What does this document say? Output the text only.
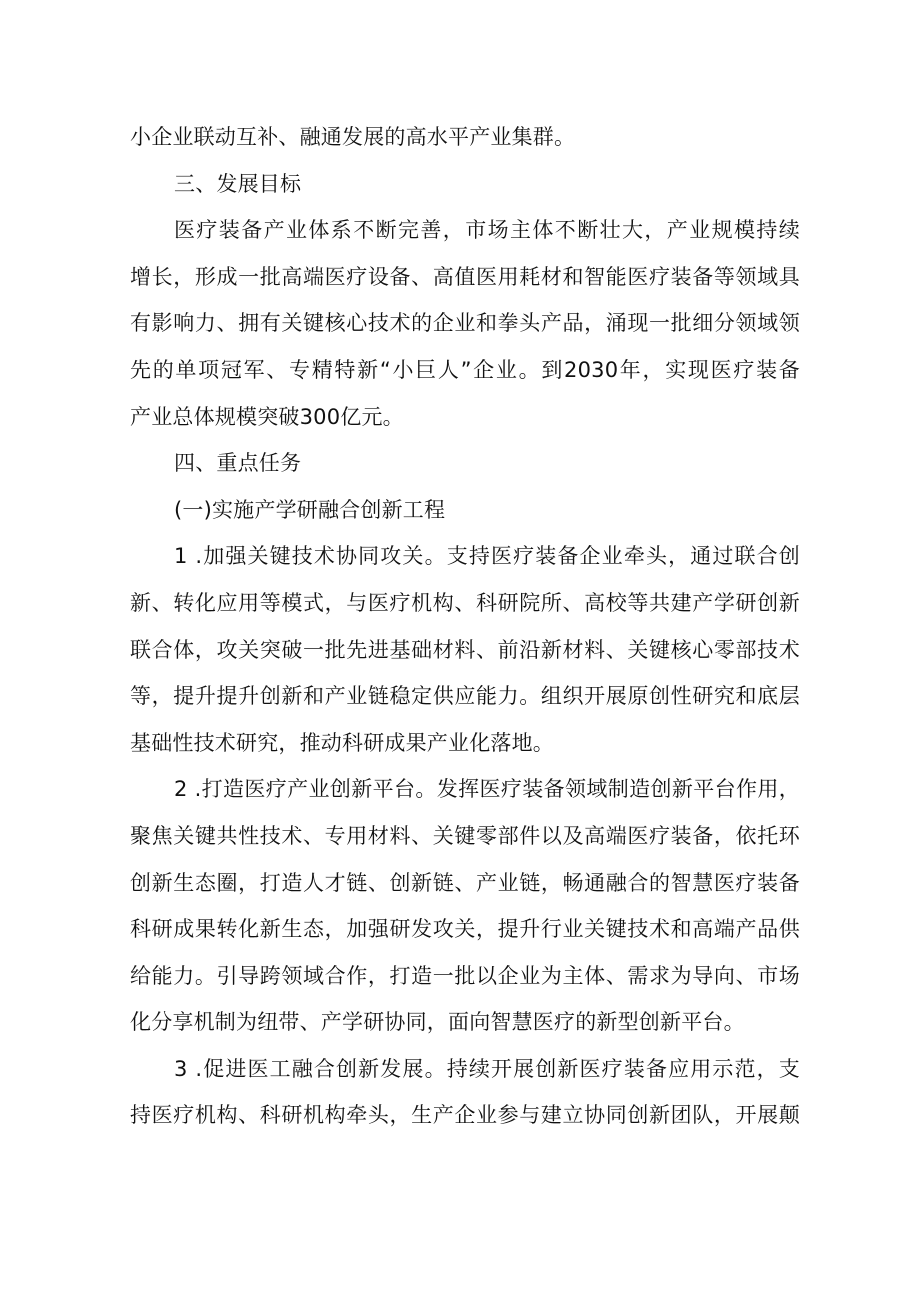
小企业联动互补、融通发展的高水平产业集群。
三、发展目标
医疗装备产业体系不断完善，市场主体不断壮大，产业规模持续
增长，形成一批高端医疗设备、高值医用耗材和智能医疗装备等领域具
有影响力、拥有关键核心技术的企业和拳头产品，涌现一批细分领域领
先的单项冠军、专精特新“小巨人”企业。到2030年，实现医疗装备
产业总体规模突破300亿元。
四、重点任务
(一)实施产学研融合创新工程
1 .加强关键技术协同攻关。支持医疗装备企业牵头，通过联合创
新、转化应用等模式，与医疗机构、科研院所、高校等共建产学研创新
联合体，攻关突破一批先进基础材料、前沿新材料、关键核心零部技术
等，提升提升创新和产业链稳定供应能力。组织开展原创性研究和底层
基础性技术研究，推动科研成果产业化落地。
2 .打造医疗产业创新平台。发挥医疗装备领域制造创新平台作用，
聚焦关键共性技术、专用材料、关键零部件以及高端医疗装备，依托环
创新生态圈，打造人才链、创新链、产业链，畅通融合的智慧医疗装备
科研成果转化新生态，加强研发攻关，提升行业关键技术和高端产品供
给能力。引导跨领域合作，打造一批以企业为主体、需求为导向、市场
化分享机制为纽带、产学研协同，面向智慧医疗的新型创新平台。
3 .促进医工融合创新发展。持续开展创新医疗装备应用示范，支
持医疗机构、科研机构牵头，生产企业参与建立协同创新团队，开展颠
